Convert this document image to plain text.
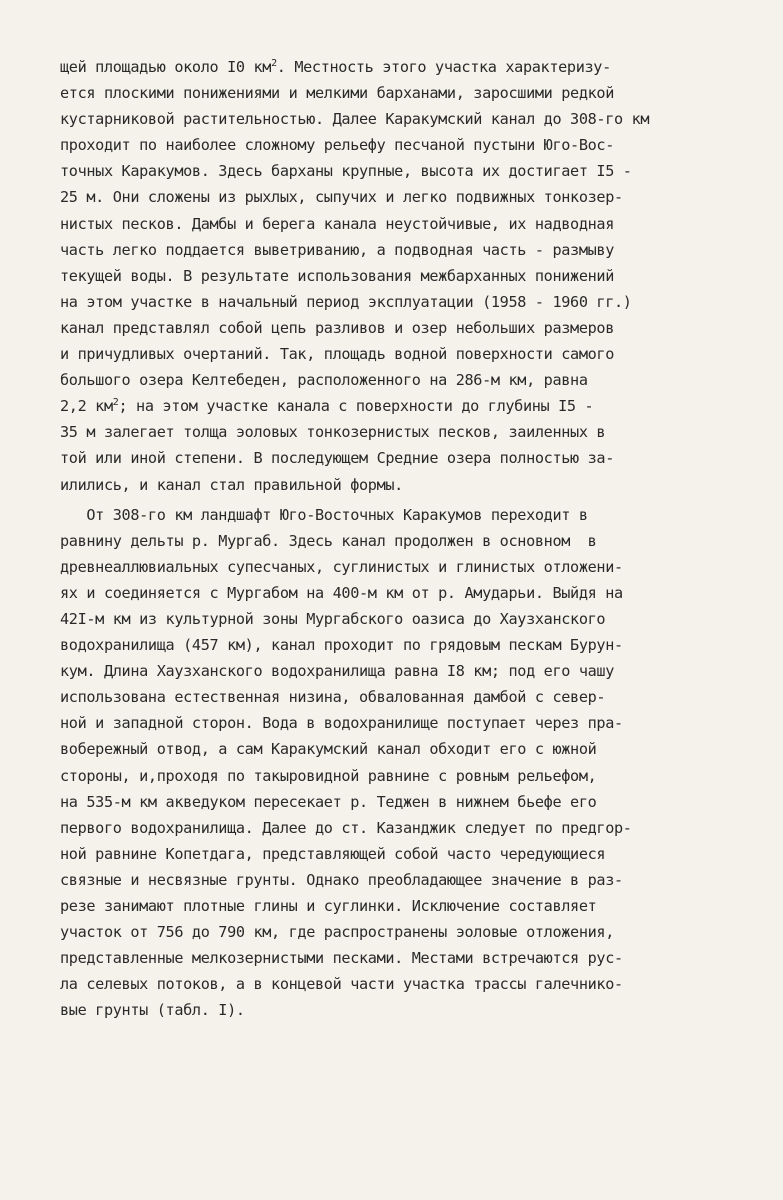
щей площадью около I0 $км^2$. Местность этого участка характеризу-
ется плоскими понижениями и мелкими барханами, заросшими редкой
кустарниковой растительностью. Далее Каракумский канал до 308-го км
проходит по наиболее сложному рельефу песчаной пустыни Юго-Вос-
точных Каракумов. Здесь барханы крупные, высота их достигает I5 -
25 м. Они сложены из рыхлых, сыпучих и легко подвижных тонкозер-
нистых песков. Дамбы и берега канала неустойчивые, их надводная
часть легко поддается выветриванию, а подводная часть - размыву
текущей воды. В результате использования межбарханных понижений
на этом участке в начальный период эксплуатации (1958 - 1960 гг.)
канал представлял собой цепь разливов и озер небольших размеров
и причудливых очертаний. Так, площадь водной поверхности самого
большого озера Келтебеден, расположенного на 286-м км, равна
2,2 $км^2$; на этом участке канала с поверхности до глубины I5 -
35 м залегает толща эоловых тонкозернистых песков, заиленных в
той или иной степени. В последующем Средние озера полностью за-
илились, и канал стал правильной формы.
От 308-го км ландшафт Юго-Восточных Каракумов переходит в
равнину дельты р. Мургаб. Здесь канал продолжен в основном  в
древнеаллювиальных супесчаных, суглинистых и глинистых отложени-
ях и соединяется с Мургабом на 400-м км от р. Амударьи. Выйдя на
42I-м км из культурной зоны Мургабского оазиса до Хаузханского
водохранилища (457 км), канал проходит по грядовым пескам Бурун-
кум. Длина Хаузханского водохранилища равна I8 км; под его чашу
использована естественная низина, обвалованная дамбой с север-
ной и западной сторон. Вода в водохранилище поступает через пра-
вобережный отвод, а сам Каракумский канал обходит его с южной
стороны, и,проходя по такыровидной равнине с ровным рельефом,
на 535-м км акведуком пересекает р. Теджен в нижнем бьефе его
первого водохранилища. Далее до ст. Казанджик следует по предгор-
ной равнине Копетдага, представляющей собой часто чередующиеся
связные и несвязные грунты. Однако преобладающее значение в раз-
резе занимают плотные глины и суглинки. Исключение составляет
участок от 756 до 790 км, где распространены эоловые отложения,
представленные мелкозернистыми песками. Местами встречаются рус-
ла селевых потоков, а в концевой части участка трассы галечнико-
вые грунты (табл. I).
